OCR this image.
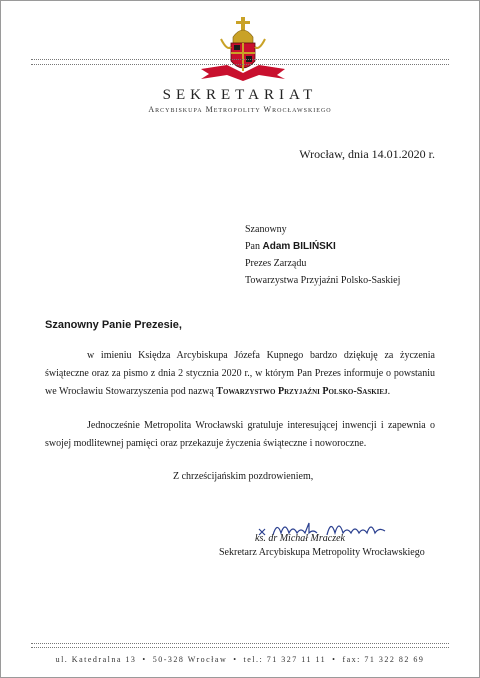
SEKRETARIAT
Arcybiskupa Metropolity Wrocławskiego
Wrocław, dnia 14.01.2020 r.
Szanowny
Pan Adam BILIŃSKI
Prezes Zarządu
Towarzystwa Przyjaźni Polsko-Saskiej
Szanowny Panie Prezesie,
w imieniu Księdza Arcybiskupa Józefa Kupnego bardzo dziękuję za życzenia świąteczne oraz za pismo z dnia 2 stycznia 2020 r., w którym Pan Prezes informuje o powstaniu we Wrocławiu Stowarzyszenia pod nazwą Towarzystwo Przyjaźni Polsko-Saskiej.
Jednocześnie Metropolita Wrocławski gratuluje interesującej inwencji i zapewnia o swojej modlitewnej pamięci oraz przekazuje życzenia świąteczne i noworoczne.
Z chrześcijańskim pozdrowieniem,
ks. dr Michał Mraczek
Sekretarz Arcybiskupa Metropolity Wrocławskiego
ul. Katedralna 13 • 50-328 Wrocław • tel.: 71 327 11 11 • fax: 71 322 82 69
